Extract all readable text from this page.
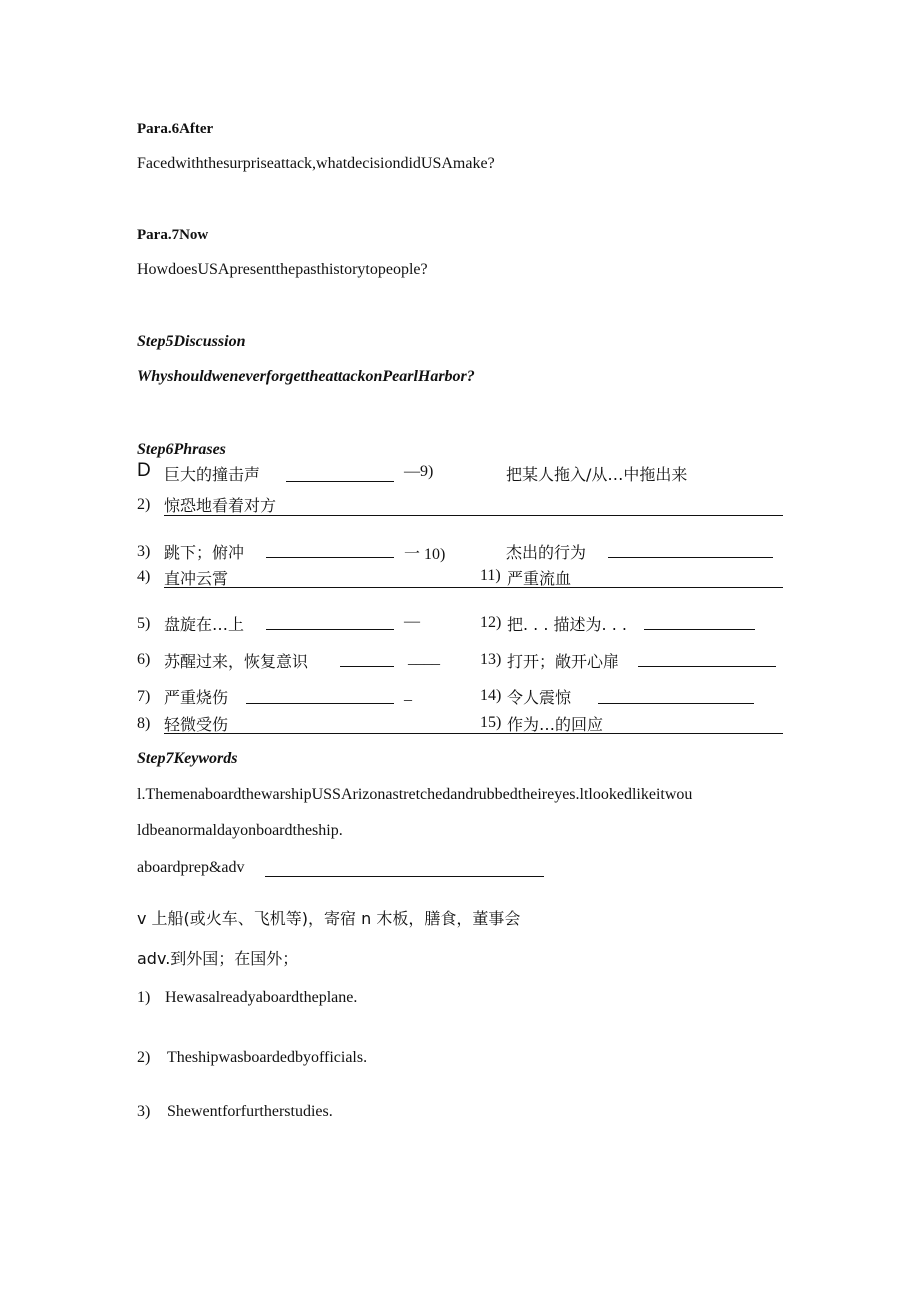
Para.6After
Facedwiththesurpriseattack,whatdecisiondidUSAmake?
Para.7Now
HowdoesUSApresentthepasthistorytopeople?
Step5Discussion
WhyshouldweneverforgettheattackonPearlHarbor?
Step6Phrases
D 巨大的撞击声	—9)	把某人拖入/从…中拖出来
2) 惊恐地看着对方
3) 跳下；俯冲	一 10)	杰出的行为
4) 直冲云霄	11) 严重流血
5) 盘旋在…上	—	12) 把. . . 描述为. . .
6) 苏醒过来，恢复意识	____	13) 打开；敞开心扉
7) 严重烧伤	_	14) 令人震惊
8) 轻微受伤	15) 作为…的回应
Step7Keywords
l.ThemenaboardthewarshipUSSArizonastretchedandrubbedtheireyes.ltlookedlikeitwou
ldbeanormaldayonboardtheship.
aboardprep&adv
v 上船(或火车、飞机等)，寄宿 n 木板，膳食，董事会
adv.到外国；在国外；
1) Hewasalreadyaboardtheplane.
2) Theshipwasboardedbyofficials.
3) Shewentforfurtherstudies.
